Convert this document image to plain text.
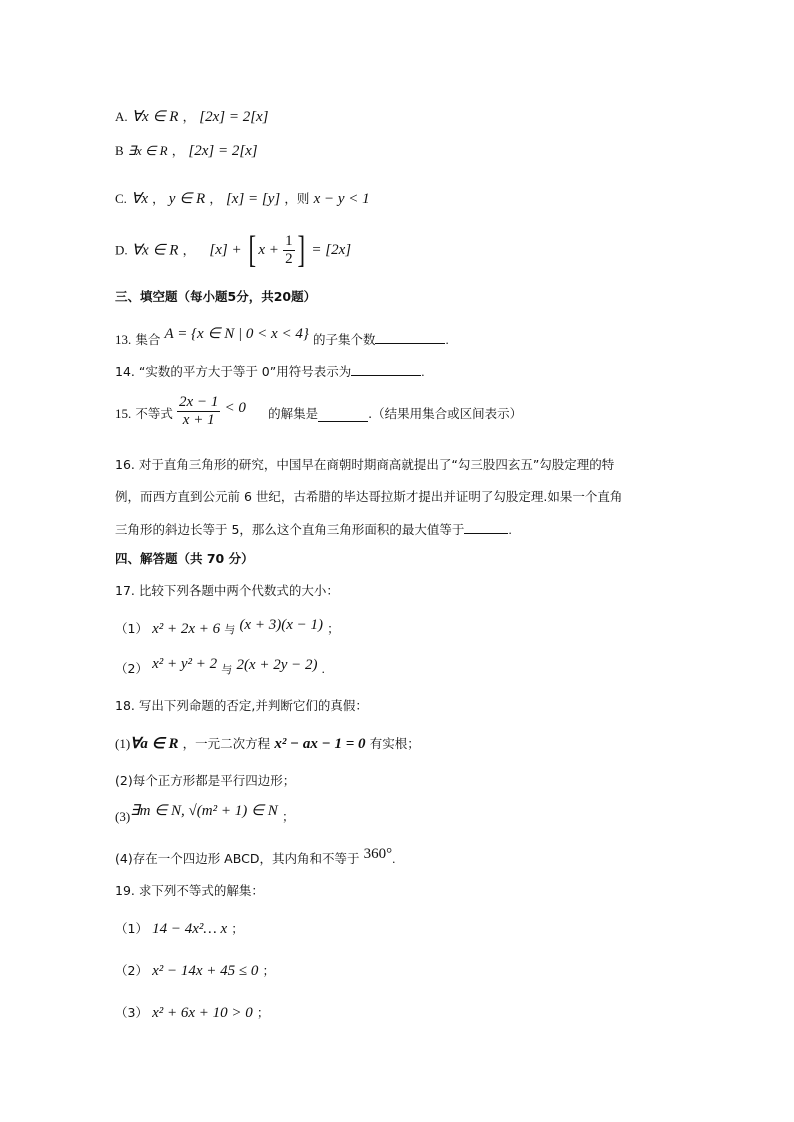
A. ∀x ∈ R ， [2x] = 2[x]
B ∃x ∈ R ， [2x] = 2[x]
C. ∀x ， y ∈ R ， [x] = [y] ，则 x − y < 1
D. ∀x ∈ R ， [x] + [ $x + \frac{1}{2}$ ] = [2x]
三、填空题（每小题5分，共20题）
13. 集合 A = {x ∈ N | 0 < x < 4} 的子集个数	.
14. “实数的平方大于等于 0”用符号表示为	.
15. 不等式 $\frac{2x - 1}{x + 1} < 0$ 的解集是	.（结果用集合或区间表示）
16. 对于直角三角形的研究，中国早在商朝时期商高就提出了“勾三股四玄五”勾股定理的特
例，而西方直到公元前 6 世纪，古希腊的毕达哥拉斯才提出并证明了勾股定理.如果一个直角
三角形的斜边长等于 5，那么这个直角三角形面积的最大值等于	.
四、解答题（共 70 分）
17. 比较下列各题中两个代数式的大小：
（1） x² + 2x + 6 与 (x + 3)(x − 1) ；
（2） x² + y² + 2 与 2(x + 2y − 2) .
18. 写出下列命题的否定,并判断它们的真假：
(1)∀a ∈ R ，一元二次方程 x² − ax − 1 = 0 有实根；
(2)每个正方形都是平行四边形；
(3)∃m ∈ N, √(m² + 1) ∈ N ；
(4)存在一个四边形 ABCD，其内角和不等于 360°.
19. 求下列不等式的解集：
（1） 14 − 4x²… x ；
（2） x² − 14x + 45 ≤ 0 ；
（3） x² + 6x + 10 > 0 ；
